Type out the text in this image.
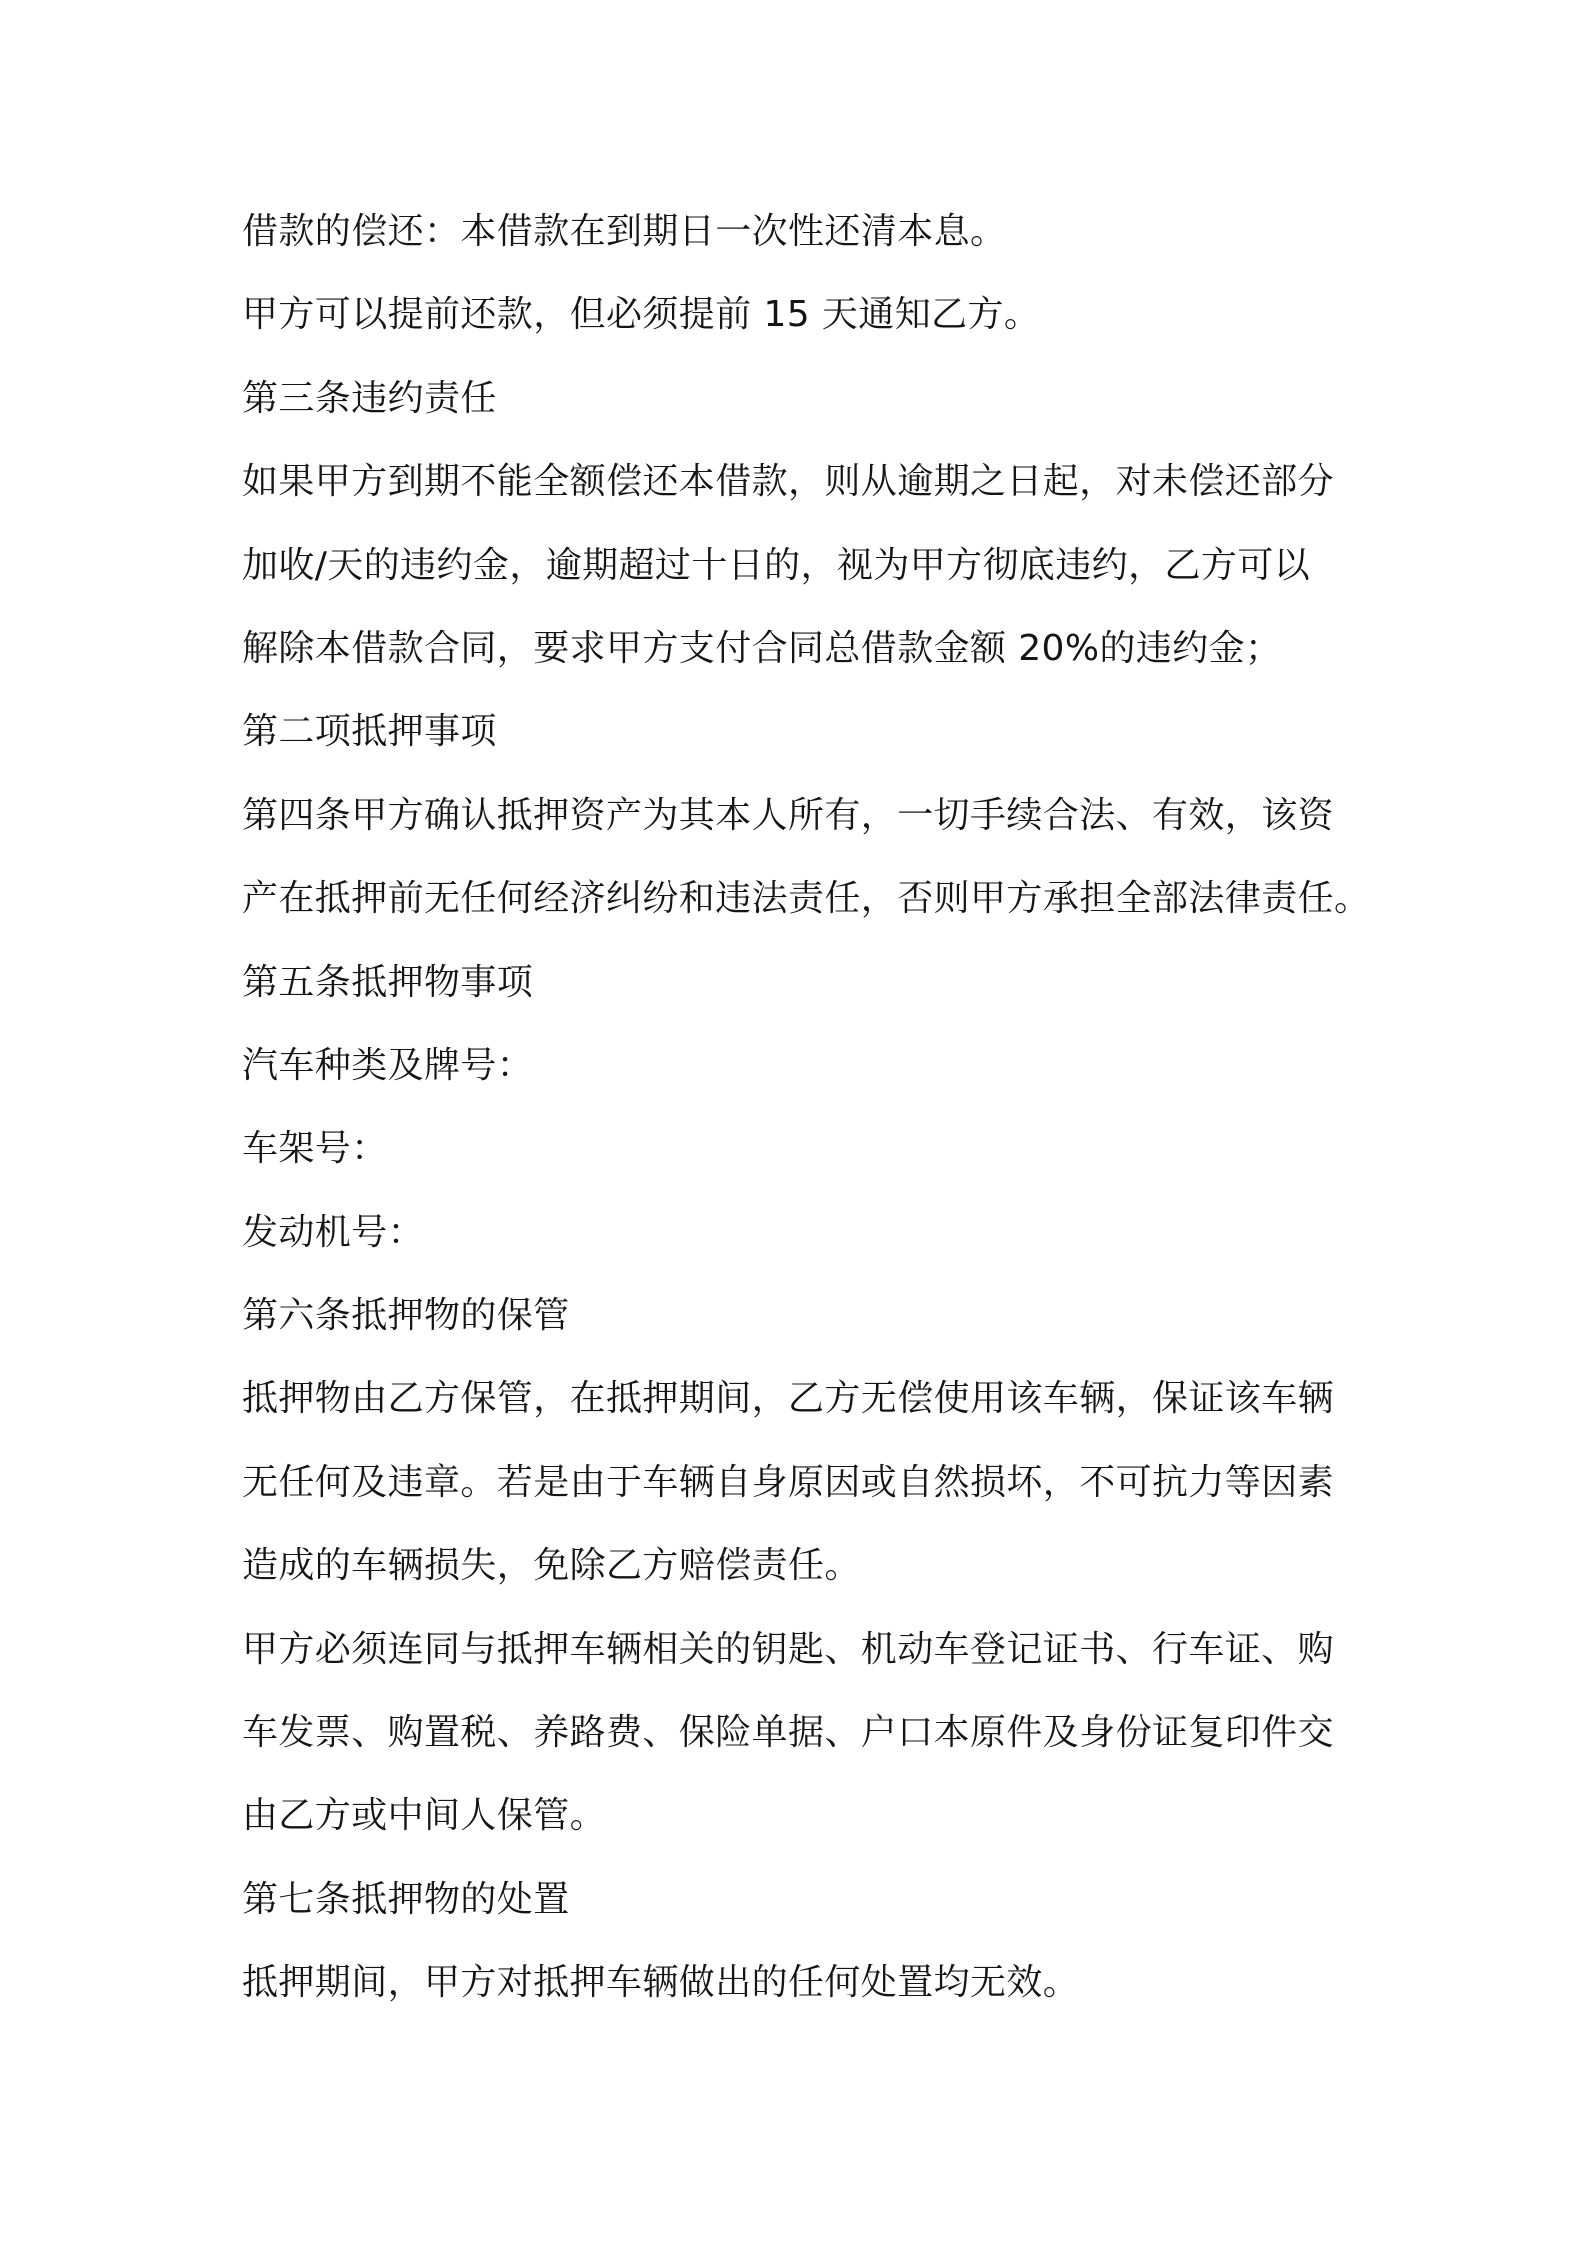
借款的偿还：本借款在到期日一次性还清本息。
甲方可以提前还款，但必须提前 15 天通知乙方。
第三条违约责任
如果甲方到期不能全额偿还本借款，则从逾期之日起，对未偿还部分
加收/天的违约金，逾期超过十日的，视为甲方彻底违约，乙方可以
解除本借款合同，要求甲方支付合同总借款金额 20%的违约金；
第二项抵押事项
第四条甲方确认抵押资产为其本人所有，一切手续合法、有效，该资
产在抵押前无任何经济纠纷和违法责任，否则甲方承担全部法律责任。
第五条抵押物事项
汽车种类及牌号：
车架号：
发动机号：
第六条抵押物的保管
抵押物由乙方保管，在抵押期间，乙方无偿使用该车辆，保证该车辆
无任何及违章。若是由于车辆自身原因或自然损坏，不可抗力等因素
造成的车辆损失，免除乙方赔偿责任。
甲方必须连同与抵押车辆相关的钥匙、机动车登记证书、行车证、购
车发票、购置税、养路费、保险单据、户口本原件及身份证复印件交
由乙方或中间人保管。
第七条抵押物的处置
抵押期间，甲方对抵押车辆做出的任何处置均无效。
